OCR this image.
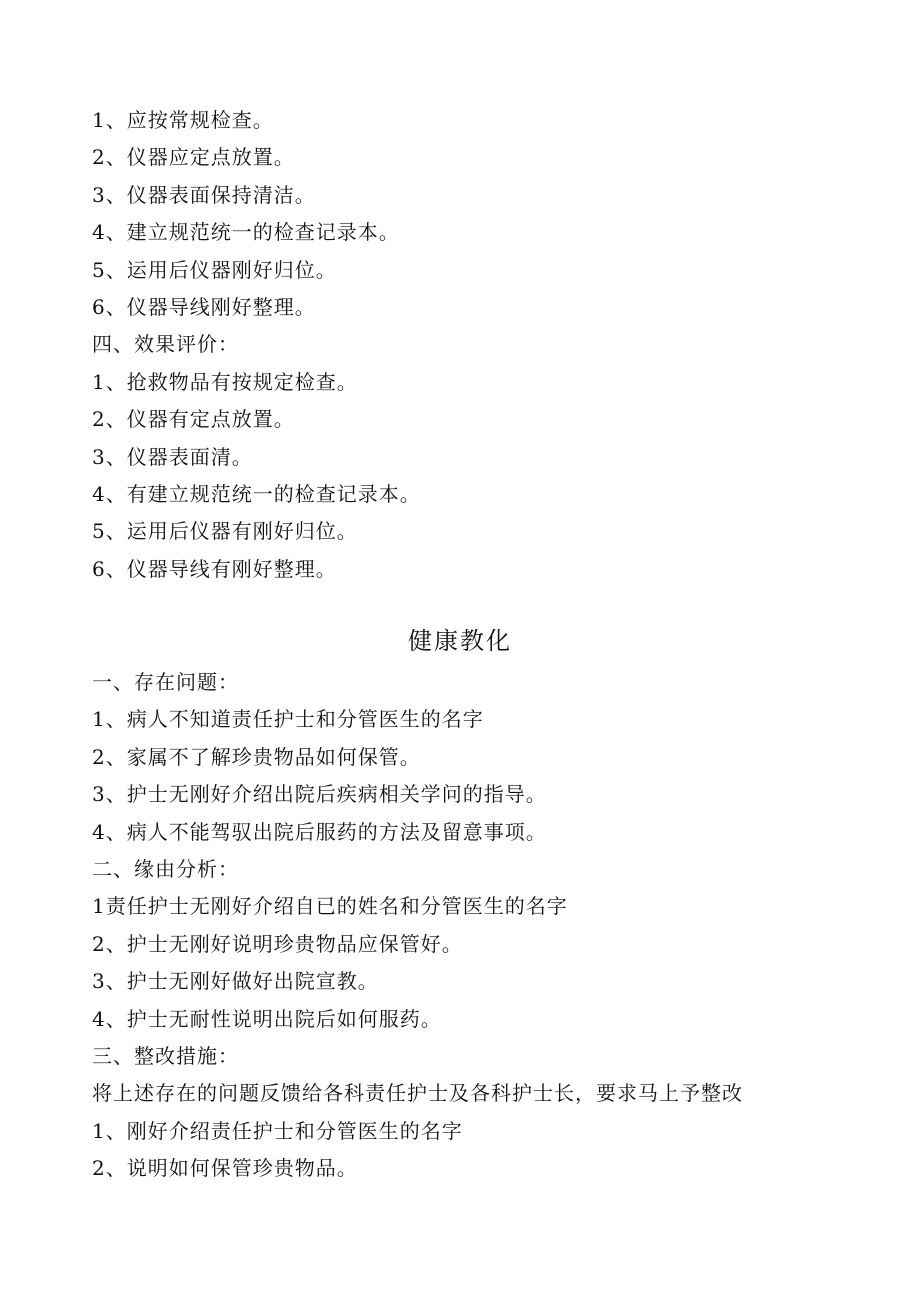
1、应按常规检查。
2、仪器应定点放置。
3、仪器表面保持清洁。
4、建立规范统一的检查记录本。
5、运用后仪器刚好归位。
6、仪器导线刚好整理。
四、效果评价：
1、抢救物品有按规定检查。
2、仪器有定点放置。
3、仪器表面清。
4、有建立规范统一的检查记录本。
5、运用后仪器有刚好归位。
6、仪器导线有刚好整理。
健康教化
一、存在问题：
1、病人不知道责任护士和分管医生的名字
2、家属不了解珍贵物品如何保管。
3、护士无刚好介绍出院后疾病相关学问的指导。
4、病人不能驾驭出院后服药的方法及留意事项。
二、缘由分析：
1责任护士无刚好介绍自已的姓名和分管医生的名字
2、护士无刚好说明珍贵物品应保管好。
3、护士无刚好做好出院宣教。
4、护士无耐性说明出院后如何服药。
三、整改措施：
将上述存在的问题反馈给各科责任护士及各科护士长，要求马上予整改
1、刚好介绍责任护士和分管医生的名字
2、说明如何保管珍贵物品。
